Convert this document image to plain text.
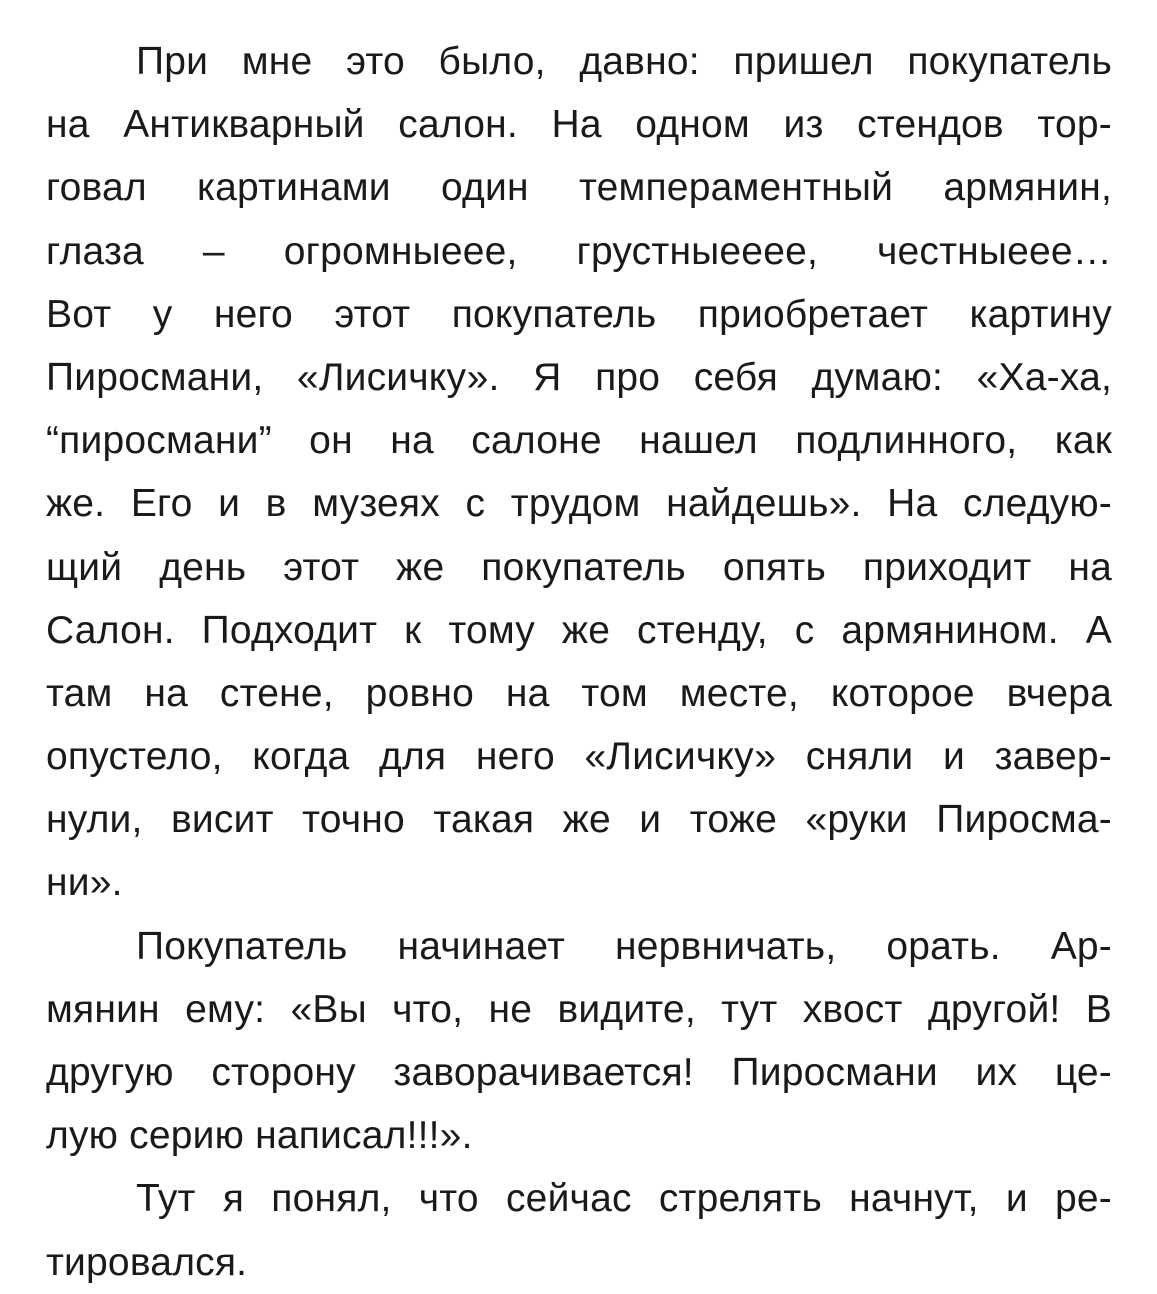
При мне это было, давно: пришел покупатель
на Антикварный салон. На одном из стендов тор-
говал картинами один темпераментный армянин,
глаза – огромныеее, грустныееее, честныеее…
Вот у него этот покупатель приобретает картину
Пиросмани, «Лисичку». Я про себя думаю: «Ха-ха,
“пиросмани” он на салоне нашел подлинного, как
же. Его и в музеях с трудом найдешь». На следую-
щий день этот же покупатель опять приходит на
Салон. Подходит к тому же стенду, с армянином. А
там на стене, ровно на том месте, которое вчера
опустело, когда для него «Лисичку» сняли и завер-
нули, висит точно такая же и тоже «руки Пиросма-
ни».
Покупатель начинает нервничать, орать. Ар-
мянин ему: «Вы что, не видите, тут хвост другой! В
другую сторону заворачивается! Пиросмани их це-
лую серию написал!!!».
Тут я понял, что сейчас стрелять начнут, и ре-
тировался.
